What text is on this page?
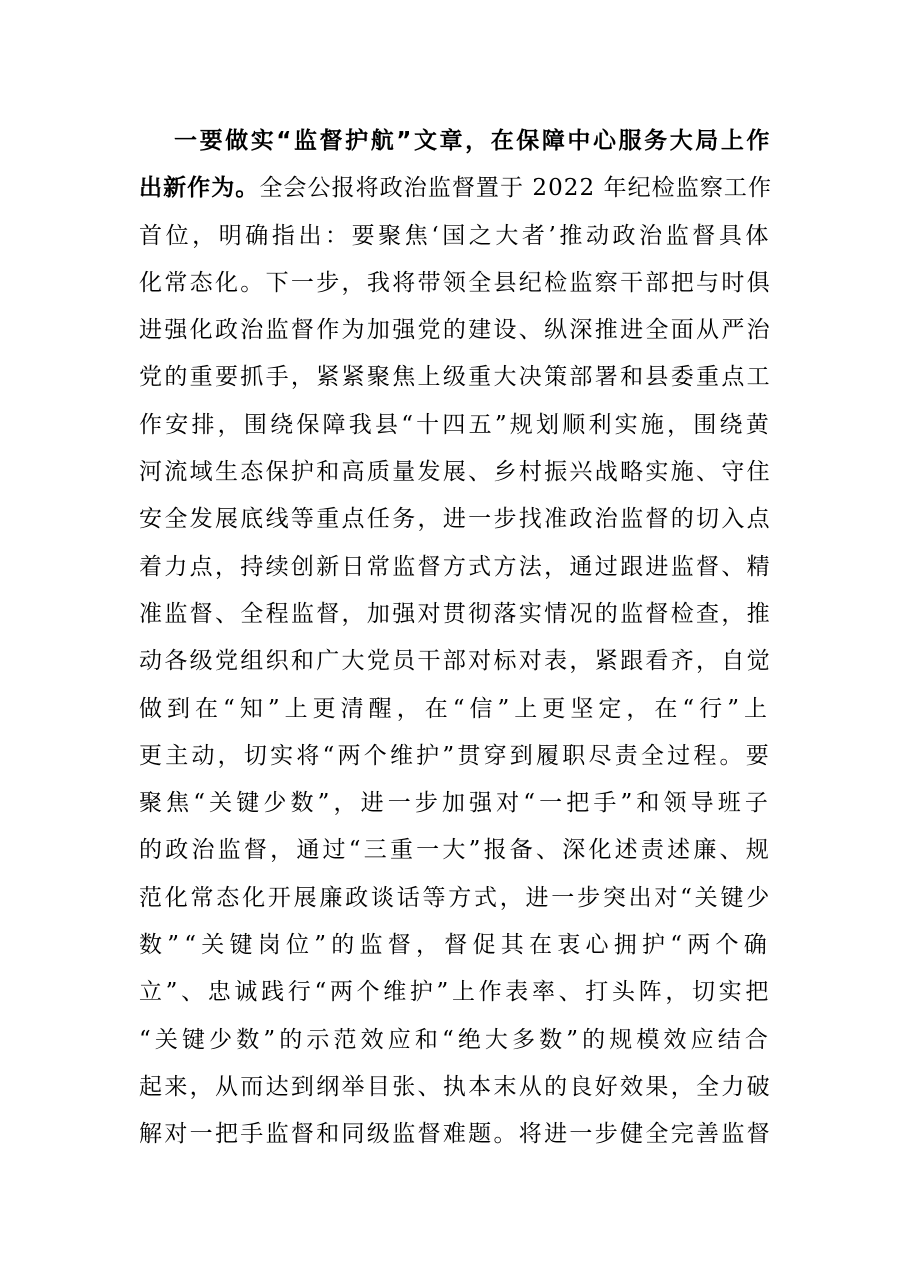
一要做实“监督护航”文章，在保障中心服务大局上作
出新作为。全会公报将政治监督置于 2022 年纪检监察工作
首位，明确指出：要聚焦‘国之大者’推动政治监督具体
化常态化。下一步，我将带领全县纪检监察干部把与时俱
进强化政治监督作为加强党的建设、纵深推进全面从严治
党的重要抓手，紧紧聚焦上级重大决策部署和县委重点工
作安排，围绕保障我县“十四五”规划顺利实施，围绕黄
河流域生态保护和高质量发展、乡村振兴战略实施、守住
安全发展底线等重点任务，进一步找准政治监督的切入点
着力点，持续创新日常监督方式方法，通过跟进监督、精
准监督、全程监督，加强对贯彻落实情况的监督检查，推
动各级党组织和广大党员干部对标对表，紧跟看齐，自觉
做到在“知”上更清醒，在“信”上更坚定，在“行”上
更主动，切实将“两个维护”贯穿到履职尽责全过程。要
聚焦“关键少数”，进一步加强对“一把手”和领导班子
的政治监督，通过“三重一大”报备、深化述责述廉、规
范化常态化开展廉政谈话等方式，进一步突出对“关键少
数”“关键岗位”的监督，督促其在衷心拥护“两个确
立”、忠诚践行“两个维护”上作表率、打头阵，切实把
“关键少数”的示范效应和“绝大多数”的规模效应结合
起来，从而达到纲举目张、执本末从的良好效果，全力破
解对一把手监督和同级监督难题。将进一步健全完善监督
